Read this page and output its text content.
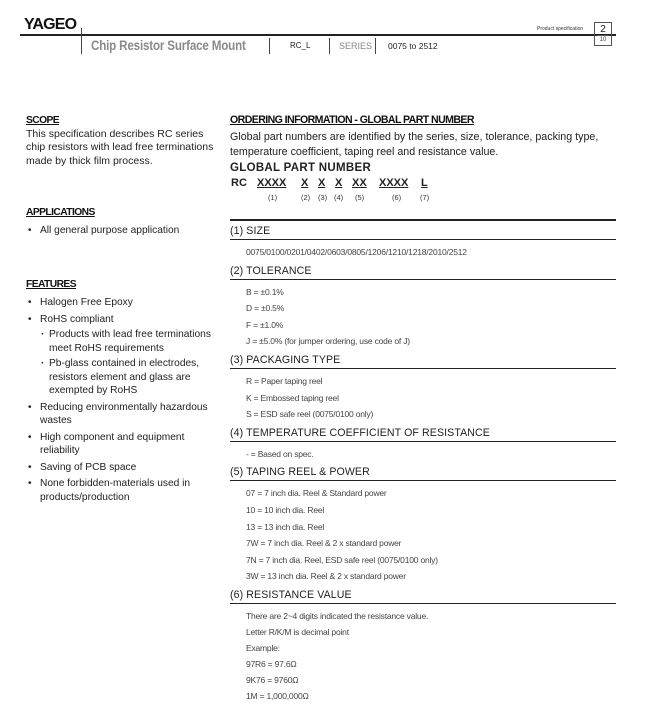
YAGEO
Chip Resistor Surface Mount	RC_L	SERIES 0075 to 2512
Product specification	2
10
SCOPE

This specification describes RC series chip resistors with lead free terminations made by thick film process.

APPLICATIONS
• All general purpose application
FEATURES
• Halogen Free Epoxy
• RoHS compliant
· Products with lead free terminations meet RoHS requirements
· Pb-glass contained in electrodes, resistors element and glass are exempted by RoHS
• Reducing environmentally hazardous wastes
• High component and equipment reliability
• Saving of PCB space
• None forbidden-materials used in products/production
ORDERING INFORMATION - GLOBAL PART NUMBER
Global part numbers are identified by the series, size, tolerance, packing type, temperature coefficient, taping reel and resistance value.
GLOBAL PART NUMBER
RC XXXX
(1)
X
(2)
X
(3)
X
(4)
XX
(5)
XXXX
(6)
L
(7)
(1) SIZE
0075/0100/0201/0402/0603/0805/1206/1210/1218/2010/2512
(2) TOLERANCE
B = ±0.1%
D = ±0.5%
F = ±1.0%
J = ±5.0% (for jumper ordering, use code of J)
(3) PACKAGING TYPE
R = Paper taping reel
K = Embossed taping reel
S = ESD safe reel (0075/0100 only)
(4) TEMPERATURE COEFFICIENT OF RESISTANCE
- = Based on spec.
(5) TAPING REEL & POWER
07 = 7 inch dia. Reel & Standard power
10 = 10 inch dia. Reel
13 = 13 inch dia. Reel
7W = 7 inch dia. Reel & 2 x standard power
7N = 7 inch dia. Reel, ESD safe reel (0075/0100 only)
3W = 13 inch dia. Reel & 2 x standard power
(6) RESISTANCE VALUE
There are 2~4 digits indicated the resistance value.
Letter R/K/M is decimal point
Example:
97R6 = 97.6Ω
9K76 = 9760Ω
1M = 1,000,000Ω
